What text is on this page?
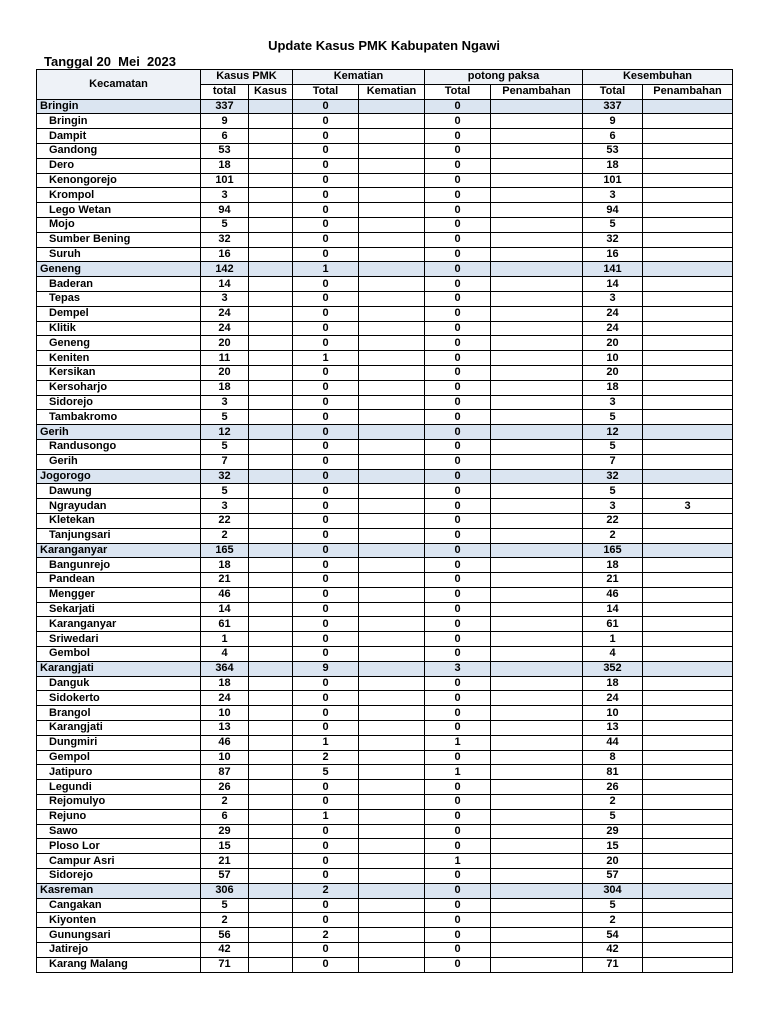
Update Kasus PMK Kabupaten Ngawi
Tanggal 20  Mei  2023
Kecamatan	Kasus PMK		Kematian		potong paksa		Kesembuhan	
	total	Kasus	Total	Kematian	Total	Penambahan	Total	Penambahan
Bringin	337		0		0		337	
Bringin	9		0		0		9	
Dampit	6		0		0		6	
Gandong	53		0		0		53	
Dero	18		0		0		18	
Kenongorejo	101		0		0		101	
Krompol	3		0		0		3	
Lego Wetan	94		0		0		94	
Mojo	5		0		0		5	
Sumber Bening	32		0		0		32	
Suruh	16		0		0		16	
Geneng	142		1		0		141	
Baderan	14		0		0		14	
Tepas	3		0		0		3	
Dempel	24		0		0		24	
Klitik	24		0		0		24	
Geneng	20		0		0		20	
Keniten	11		1		0		10	
Kersikan	20		0		0		20	
Kersoharjo	18		0		0		18	
Sidorejo	3		0		0		3	
Tambakromo	5		0		0		5	
Gerih	12		0		0		12	
Randusongo	5		0		0		5	
Gerih	7		0		0		7	
Jogorogo	32		0		0		32	
Dawung	5		0		0		5	
Ngrayudan	3		0		0		3	3
Kletekan	22		0		0		22	
Tanjungsari	2		0		0		2	
Karanganyar	165		0		0		165	
Bangunrejo	18		0		0		18	
Pandean	21		0		0		21	
Mengger	46		0		0		46	
Sekarjati	14		0		0		14	
Karanganyar	61		0		0		61	
Sriwedari	1		0		0		1	
Gembol	4		0		0		4	
Karangjati	364		9		3		352	
Danguk	18		0		0		18	
Sidokerto	24		0		0		24	
Brangol	10		0		0		10	
Karangjati	13		0		0		13	
Dungmiri	46		1		1		44	
Gempol	10		2		0		8	
Jatipuro	87		5		1		81	
Legundi	26		0		0		26	
Rejomulyo	2		0		0		2	
Rejuno	6		1		0		5	
Sawo	29		0		0		29	
Ploso Lor	15		0		0		15	
Campur Asri	21		0		1		20	
Sidorejo	57		0		0		57	
Kasreman	306		2		0		304	
Cangakan	5		0		0		5	
Kiyonten	2		0		0		2	
Gunungsari	56		2		0		54	
Jatirejo	42		0		0		42	
Karang Malang	71		0		0		71	
